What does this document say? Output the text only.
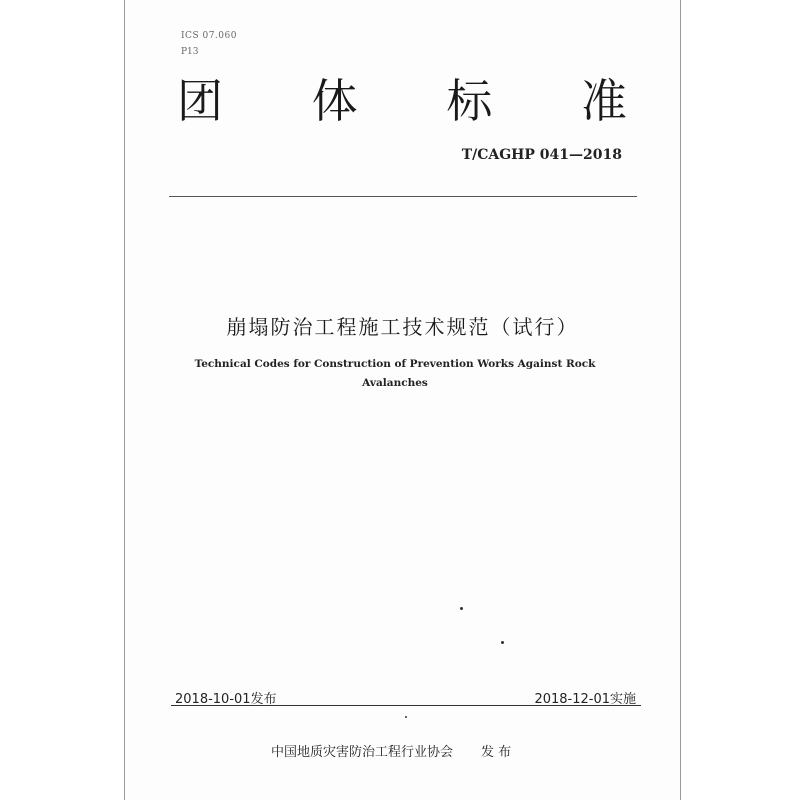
ICS 07.060
P13
团 体 标 准
T/CAGHP 041—2018
崩塌防治工程施工技术规范（试行）
Technical Codes for Construction of Prevention Works Against Rock Avalanches
2018-10-01发布	2018-12-01实施
中国地质灾害防治工程行业协会 发 布
